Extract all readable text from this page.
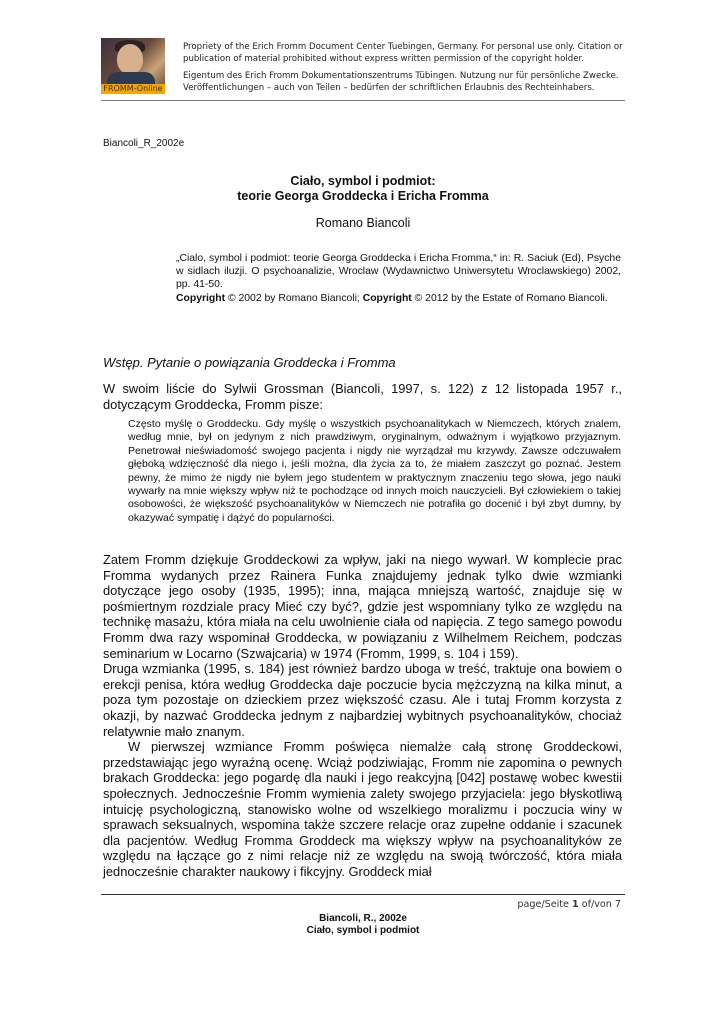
FROMM-Online
Propriety of the Erich Fromm Document Center Tuebingen, Germany. For personal use only. Citation or publication of material prohibited without express written permission of the copyright holder.
Eigentum des Erich Fromm Dokumentationszentrums Tübingen. Nutzung nur für persönliche Zwecke. Veröffentlichungen – auch von Teilen – bedürfen der schriftlichen Erlaubnis des Rechteinhabers.
Biancoli_R_2002e
Ciało, symbol i podmiot:
teorie Georga Groddecka i Ericha Fromma
Romano Biancoli

„Cialo, symbol i podmiot: teorie Georga Groddecka i Ericha Fromma,“ in: R. Saciuk (Ed), Psyche w sidlach iluzji. O psychoanalizie, Wroclaw (Wydawnictwo Uniwersytetu Wroclawskiego) 2002, pp. 41-50.

Copyright © 2002 by Romano Biancoli; Copyright © 2012 by the Estate of Romano Biancoli.

Wstęp. Pytanie o powiązania Groddecka i Fromma

W swoim liście do Sylwii Grossman (Biancoli, 1997, s. 122) z 12 listopada 1957 r., dotyczącym Groddecka, Fromm pisze:

Często myślę o Groddecku. Gdy myślę o wszystkich psychoanalitykach w Niemczech, których znalem, według mnie, był on jedynym z nich prawdziwym, oryginalnym, odważnym i wyjątkowo przyjaznym. Penetrował nieświadomość swojego pacjenta i nigdy nie wyrządzał mu krzywdy. Zawsze odczuwałem głęboką wdzięczność dla niego i, jeśli można, dla życia za to, że miałem zaszczyt go poznać. Jestem pewny, że mimo że nigdy nie byłem jego studentem w praktycznym znaczeniu tego słowa, jego nauki wywarły na mnie większy wpływ niż te pochodzące od innych moich nauczycieli. Był człowiekiem o takiej osobowości, że większość psychoanalityków w Niemczech nie potrafiła go docenić i był zbyt dumny, by okazywać sympatię i dążyć do popularności.

Zatem Fromm dziękuje Groddeckowi za wpływ, jaki na niego wywarł. W komplecie prac Fromma wydanych przez Rainera Funka znajdujemy jednak tylko dwie wzmianki dotyczące jego osoby (1935, 1995); inna, mająca mniejszą wartość, znajduje się w pośmiertnym rozdziale pracy Mieć czy być?, gdzie jest wspomniany tylko ze względu na technikę masażu, która miała na celu uwolnienie ciała od napięcia. Z tego samego powodu Fromm dwa razy wspominał Groddecka, w powiązaniu z Wilhelmem Reichem, podczas seminarium w Locarno (Szwajcaria) w 1974 (Fromm, 1999, s. 104 i 159).

Druga wzmianka (1995, s. 184) jest również bardzo uboga w treść, traktuje ona bowiem o erekcji penisa, która według Groddecka daje poczucie bycia mężczyzną na kilka minut, a poza tym pozostaje on dzieckiem przez większość czasu. Ale i tutaj Fromm korzysta z okazji, by nazwać Groddecka jednym z najbardziej wybitnych psychoanalityków, chociaż relatywnie mało znanym.

W pierwszej wzmiance Fromm poświęca niemalże całą stronę Groddeckowi, przedstawiając jego wyraźną ocenę. Wciąż podziwiając, Fromm nie zapomina o pewnych brakach Groddecka: jego pogardę dla nauki i jego reakcyjną [042] postawę wobec kwestii społecznych. Jednocześnie Fromm wymienia zalety swojego przyjaciela: jego błyskotliwą intuicję psychologiczną, stanowisko wolne od wszelkiego moralizmu i poczucia winy w sprawach seksualnych, wspomina także szczere relacje oraz zupełne oddanie i szacunek dla pacjentów. Według Fromma Groddeck ma większy wpływ na psychoanalityków ze względu na łączące go z nimi relacje niż ze względu na swoją twórczość, która miała jednocześnie charakter naukowy i fikcyjny. Groddeck miał

page/Seite 1 of/von 7
Biancoli, R., 2002e
Ciało, symbol i podmiot
